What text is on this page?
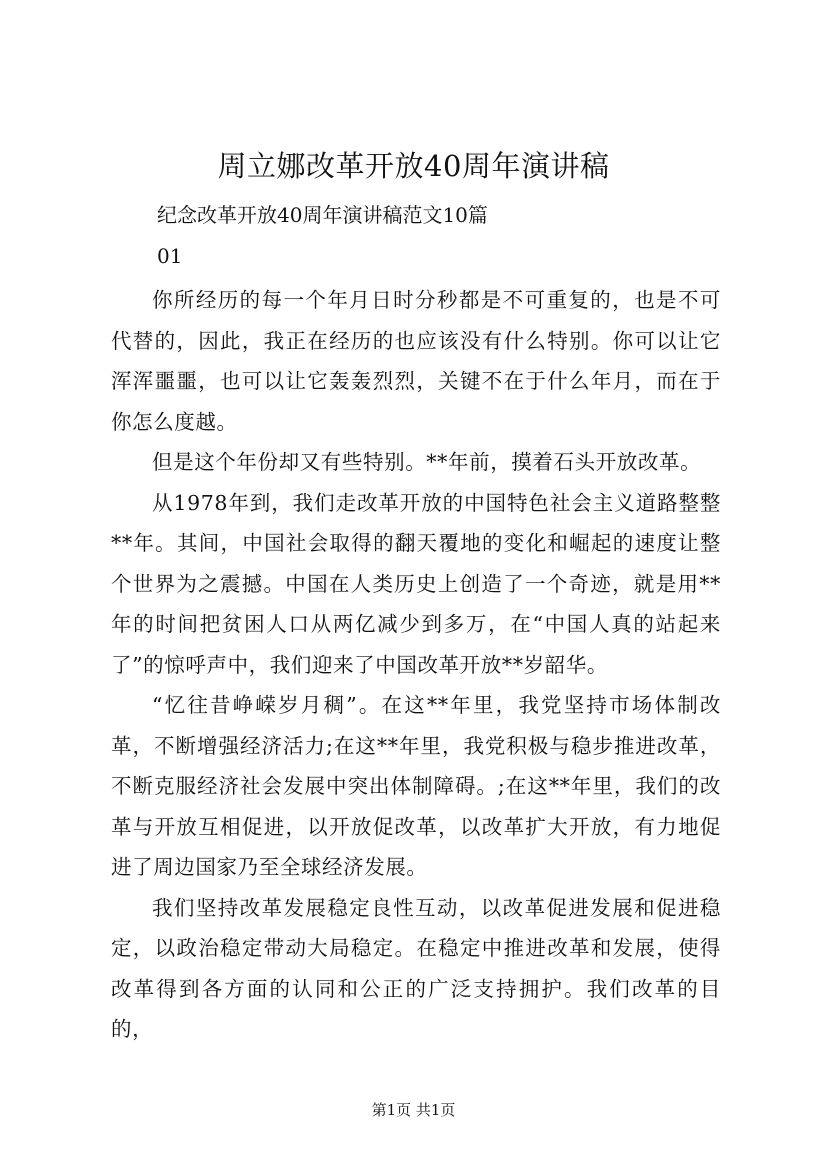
周立娜改革开放40周年演讲稿

纪念改革开放40周年演讲稿范文10篇

01

你所经历的每一个年月日时分秒都是不可重复的，也是不可代替的，因此，我正在经历的也应该没有什么特别。你可以让它浑浑噩噩，也可以让它轰轰烈烈，关键不在于什么年月，而在于你怎么度越。

但是这个年份却又有些特别。**年前，摸着石头开放改革。

从1978年到，我们走改革开放的中国特色社会主义道路整整**年。其间，中国社会取得的翻天覆地的变化和崛起的速度让整个世界为之震撼。中国在人类历史上创造了一个奇迹，就是用**年的时间把贫困人口从两亿减少到多万，在“中国人真的站起来了”的惊呼声中，我们迎来了中国改革开放**岁韶华。

“忆往昔峥嵘岁月稠”。在这**年里，我党坚持市场体制改革，不断增强经济活力;在这**年里，我党积极与稳步推进改革，不断克服经济社会发展中突出体制障碍。;在这**年里，我们的改革与开放互相促进，以开放促改革，以改革扩大开放，有力地促进了周边国家乃至全球经济发展。

我们坚持改革发展稳定良性互动，以改革促进发展和促进稳定，以政治稳定带动大局稳定。在稳定中推进改革和发展，使得改革得到各方面的认同和公正的广泛支持拥护。我们改革的目的，

第1页 共1页
